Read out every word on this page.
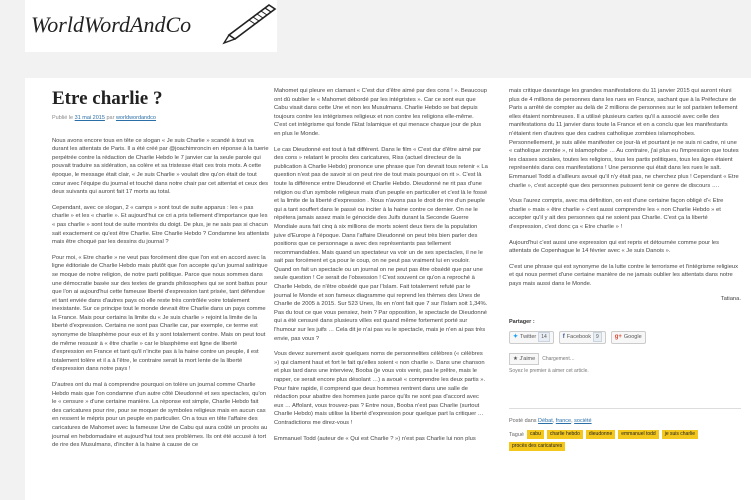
WorldWordAndCo
Etre charlie ?
Publié le 31 mai 2015 par worldwordandco

Nous avons encore tous en tête ce slogan « Je suis Charlie » scandé à tout va durant les attentats de Paris. Il a été créé par @joachimroncin en réponse à la tuerie perpétrée contre la rédaction de Charlie Hebdo le 7 janvier car la seule parole qui pouvait traduire sa sidération, sa colère et sa tristesse était ces trois mots. A cette époque, le message était clair, « Je suis Charlie » voulait dire qu'on était de tout cœur avec l'équipe du journal et touché dans notre chair par cet attentat et ceux des deux suivants qui auront fait 17 morts au total.

Cependant, avec ce slogan, 2 « camps » sont tout de suite apparus : les « pas charlie » et les « charlie ». Et aujourd'hui ce cri a pris tellement d'importance que les « pas charlie » sont tout de suite montrés du doigt. De plus, je ne sais pas si chacun sait exactement ce qu'est être Charlie. Etre Charlie Hebdo ? Condamne les attentats mais être choqué par les dessins du journal ?

Pour moi, « Etre charlie » ne veut pas forcément dire que l'on est en accord avec la ligne éditoriale de Charlie Hebdo mais plutôt que l'on accepte qu'un journal satirique se moque de notre religion, de notre parti politique. Parce que nous sommes dans une démocratie basée sur des textes de grands philosophes qui se sont battus pour que l'on ai aujourd'hui cette fameuse liberté d'expression tant prisée, tant défendue et tant enviée dans d'autres pays où elle reste très contrôlée voire totalement inexistante. Sur ce principe tout le monde devrait être Charlie dans un pays comme la France. Mais pour certains la limite du « Je suis charlie » rejoint la limite de la liberté d'expression. Certains ne sont pas Charlie car, par exemple, ce terme est synonyme de blasphème pour eux et ils y sont totalement contre. Mais on peut tout de même ressusir à « être charlie » car le blasphème est ligne de liberté d'expression en France et tant qu'il n'incite pas à la haine contre un peuple, il est totalement tolère et il a à l'être, le contraire serait la mort lente de la liberté d'expression dans notre pays !

D'autres ont du mal à comprendre pourquoi on tolère un journal comme Charlie Hebdo mais que l'on condamne d'un autre côté Dieudonné et ses spectacles, qu'on le « censure » d'une certaine manière. La réponse est simple, Charlie Hebdo fait des caricatures pour rire, pour se moquer de symboles religieux mais en aucun cas en ressent le mépris pour un peuple en particulier. On a tous en tête l'affaire des caricatures de Mahomet avec la fameuse Une de Cabu qui aura coûté un procès au journal en hebdomadaire et aujourd'hui tout ses problèmes. Ils ont été accusé à tort de rire des Musulmans, d'inciter à la haine à cause de ce

Mahomet qui pleure en clamant « C'est dur d'être aimé par des cons ! ». Beaucoup ont dû oublier le « Mahomet débordé par les intégristes ». Car ce sont eux que Cabu visait dans cette Une et non les Musulmans. Charlie Hebdo se bat depuis toujours contre les intégrismes religieux et non contre les religions elle-même. C'est cet intégrisme qui fonde l'Etat Islamique et qui menace chaque jour de plus en plus le Monde.

Le cas Dieudonné est tout à fait différent. Dans le film « C'est dur d'être aimé par des cons » relatant le procès des caricatures, Riss (actuel directeur de la publication à Charlie Hebdo) prononce une phrase que l'on devrait tous retenir « La question n'est pas de savoir si on peut rire de tout mais pourquoi on rit ». C'est là toute la différence entre Dieudonné et Charlie Hebdo. Dieudonné ne rit pas d'une religion ou d'un symbole religieux mais d'un peuple en particulier et c'est là le fossé et la limite de la liberté d'expression . Nous n'avons pas le droit de rire d'un peuple qui a tant souffert dans le passé ou inciter à la haine contre ce dernier. On ne le répétera jamais assez mais le génocide des Juifs durant la Seconde Guerre Mondiale aura fait cinq à six millions de morts soient deux tiers de la population juive d'Europe à l'époque. Dans l'affaire Dieudonné on peut très bien parler des positions que ce personnage a avec des représentants pas tellement recommandables. Mais quand un spectateur va voir un de ses spectacles, il ne le sait pas forcément et ça pour le coup, on ne peut pas vraiment lui en vouloir. Quand on fait un spectacle ou un journal on ne peut pas être obsédé que par une seule question ! Ce serait de l'obsession ! C'est souvent ce qu'on a reproché à Charlie Hebdo, de n'être obsédé que par l'Islam. Fait totalement refuté par le journal le Monde et son fameux diagramme qui reprend les thèmes des Unes de Charlie de 2005 à 2015. Sur 523 Unes, Ils en n'ont fait que 7 sur l'Islam soit 1,34%. Pas du tout ce que vous pensiez, hein ? Par opposition, le spectacle de Dieudonné qui a été censuré dans plusieurs villes est quand même fortement porté sur l'humour sur les juifs … Cela dit je n'ai pas vu le spectacle, mais je n'en ai pas très envie, pas vous ?

Vous devez surement avoir quelques noms de personnelites célèbres (« célèbres ») qui clament haut et fort le fait qu'elles soient « non charlie ». Dans une chanson et plus tard dans une interview, Booba (je vous vois venir, pas le prêtre, mais le rapper, ce serait encore plus désolant …) a avoué « comprendre les deux partis ». Pour faire rapide, il comprend que deux hommes rentrent dans une salle de rédaction pour abattre des hommes juste parce qu'ils ne sont pas d'accord avec eux … Affolant, vous trouvez-pas ? Entre nous, Booba n'est pas Charlie (surtout Charlie Hebdo) mais utilise la liberté d'expression pour quelque part la critiquer … Contradictions me direz-vous !

Emmanuel Todd (auteur de « Qui est Charlie ? ») n'est pas Charlie lui non plus

mais critique davantage les grandes manifestations du 11 janvier 2015 qui auront réuni plus de 4 millions de personnes dans les rues en France, sachant que à la Préfecture de Paris a arrêté de compter au delà de 2 millions de personnes sur le sol parisien tellement elles étaient nombreuses. Il a utilisé plusieurs cartes qu'il a associé avec celle des manifestations du 11 janvier dans toute la France et en a conclu que les manifestants n'étaient rien d'autres que des cadres catholique zombies islamophobes. Personnellement, je suis allée manifester ce jour-là et pourtant je ne suis ni cadre, ni une « catholique zombie », ni islamophobe … Au contraire, j'ai plus eu l'impression que toutes les classes sociales, toutes les religions, tous les partis politiques, tous les âges étaient représentés dans ces manifestations ! Une personne qui était dans les rues le salt. Emmanuel Todd a d'ailleurs avoué qu'il n'y était pas, ne cherchez plus ! Cependant « Etre charlie », c'est accepté que des personnes puissent tenir ce genre de discours ….

Vous l'aurez compris, avec ma définition, on est d'une certaine façon obligé d'« Etre charlie » mais « être charlie » c'est aussi comprendre les « non Charlie Hebdo » et accepter qu'il y ait des personnes qui ne soient pas Charlie. C'est ça la liberté d'expression, c'est donc ça « Etre charlie » !

Aujourd'hui c'est aussi une expression qui est repris et détournée comme pour les attentats de Copenhague le 14 février avec « Je suis Danois ».

C'est une phrase qui est synonyme de la lutte contre le terrorisme et l'intégrisme religieux et qui nous permet d'une certaine manière de ne jamais oublier les attentats dans notre pays mais aussi dans le Monde.

Tatiana.

Partager :
✦ Twitter	14	f Facebook	9	g+ Google
★ J'aime	Chargement…
Soyez le premier à aimer cet article.
Posté dans Débat, france, société
Tagué	cabu	charlie hebdo	dieudonne	emmanuel todd	je suis charlie
procès des caricatures
